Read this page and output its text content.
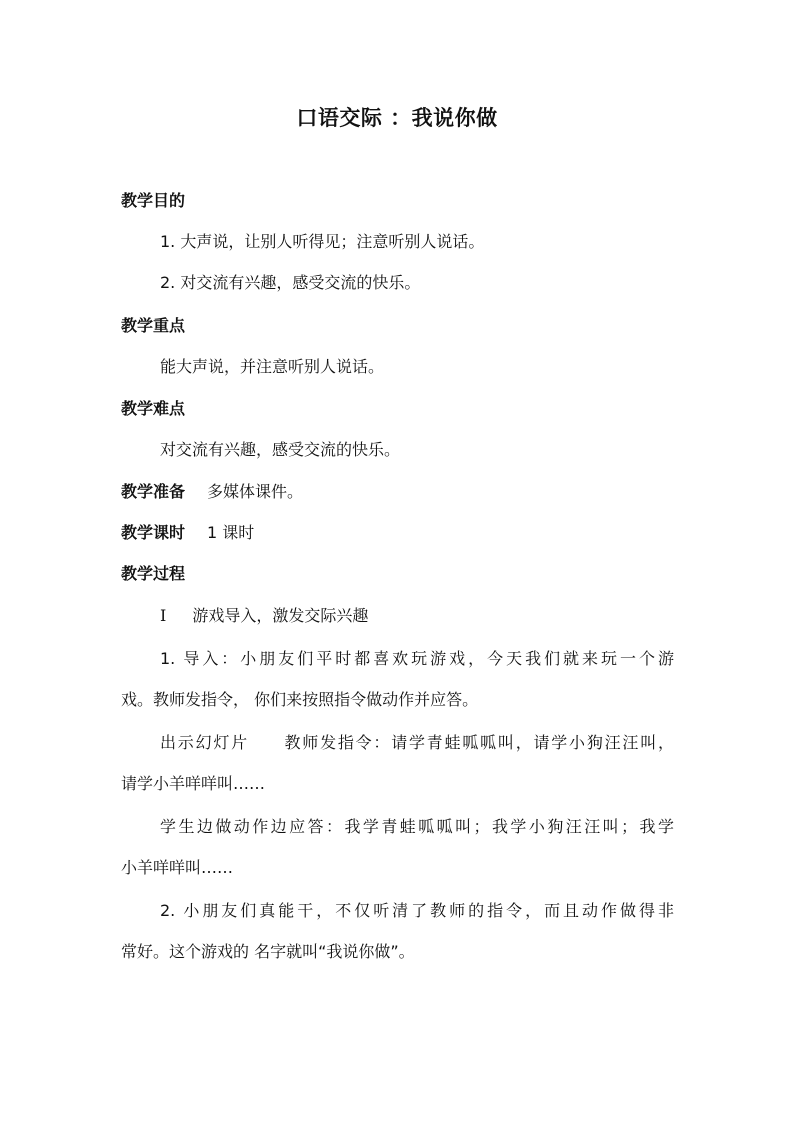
口语交际 ：我说你做
教学目的
1. 大声说，让别人听得见；注意听别人说话。
2. 对交流有兴趣，感受交流的快乐。
教学重点
能大声说，并注意听别人说话。
教学难点
对交流有兴趣，感受交流的快乐。
教学准备 多媒体课件。
教学课时 1 课时
教学过程
Ⅰ 游戏导入，激发交际兴趣
1. 导入：小朋友们平时都喜欢玩游戏，今天我们就来玩一个游
戏。教师发指令， 你们来按照指令做动作并应答。
出示幻灯片　　教师发指令：请学青蛙呱呱叫，请学小狗汪汪叫，
请学小羊咩咩叫……
学生边做动作边应答：我学青蛙呱呱叫；我学小狗汪汪叫；我学
小羊咩咩叫……
2. 小朋友们真能干，不仅听清了教师的指令，而且动作做得非
常好。这个游戏的 名字就叫“我说你做”。
